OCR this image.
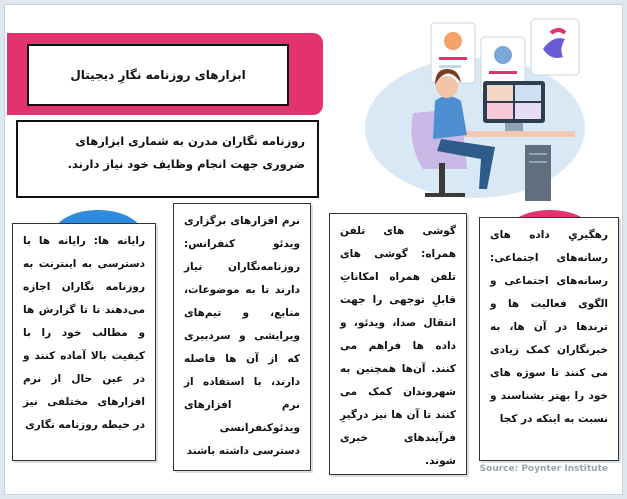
ابزارهای روزنامه نگارِ دیجیتال
روزنامه نگاران مدرن به شماری ابزارهای ضروری جهت انجام وظایف خود نیاز دارند.
رایانه ها: رایانه ها با دسترسی به اینترنت به روزنامه نگاران اجازه می‌دهند تا تا گزارش ها و مطالب خود را با کیفیت بالا آماده کنند و در عین حال از نرم افزارهای مختلفی نیز در حیطه روزنامه نگاری
نرم افزارهای برگزاری ویدئو کنفرانس: روزنامه‌نگاران نیاز دارند تا به موضوعات، منابع، و تیم‌های ویرایشی و سردبیری که از آن ها فاصله دارند، با استفاده از نرم افزارهای ویدئوکنفرانسی دسترسی داشته باشند
گوشی های تلفن همراه: گوشی های تلفن همراه امکاناتِ قابلِ توجهی را جهت انتقال صدا، ویدئو، و داده ها فراهم می کنند. آن‌ها همچنین به شهروندان کمک می کنند تا آن ها نیز درگیرِ فرآیندهای خبری شوند.
رهگیریِ داده های رسانه‌های اجتماعی: رسانه‌های اجتماعی و الگوی فعالیت ها و ترندها در آن ها، به خبرنگاران کمک زیادی می کنند تا سوژه های خود را بهتر بشناسند و نسبت به اینکه در کجا
Source: Poynter Institute
